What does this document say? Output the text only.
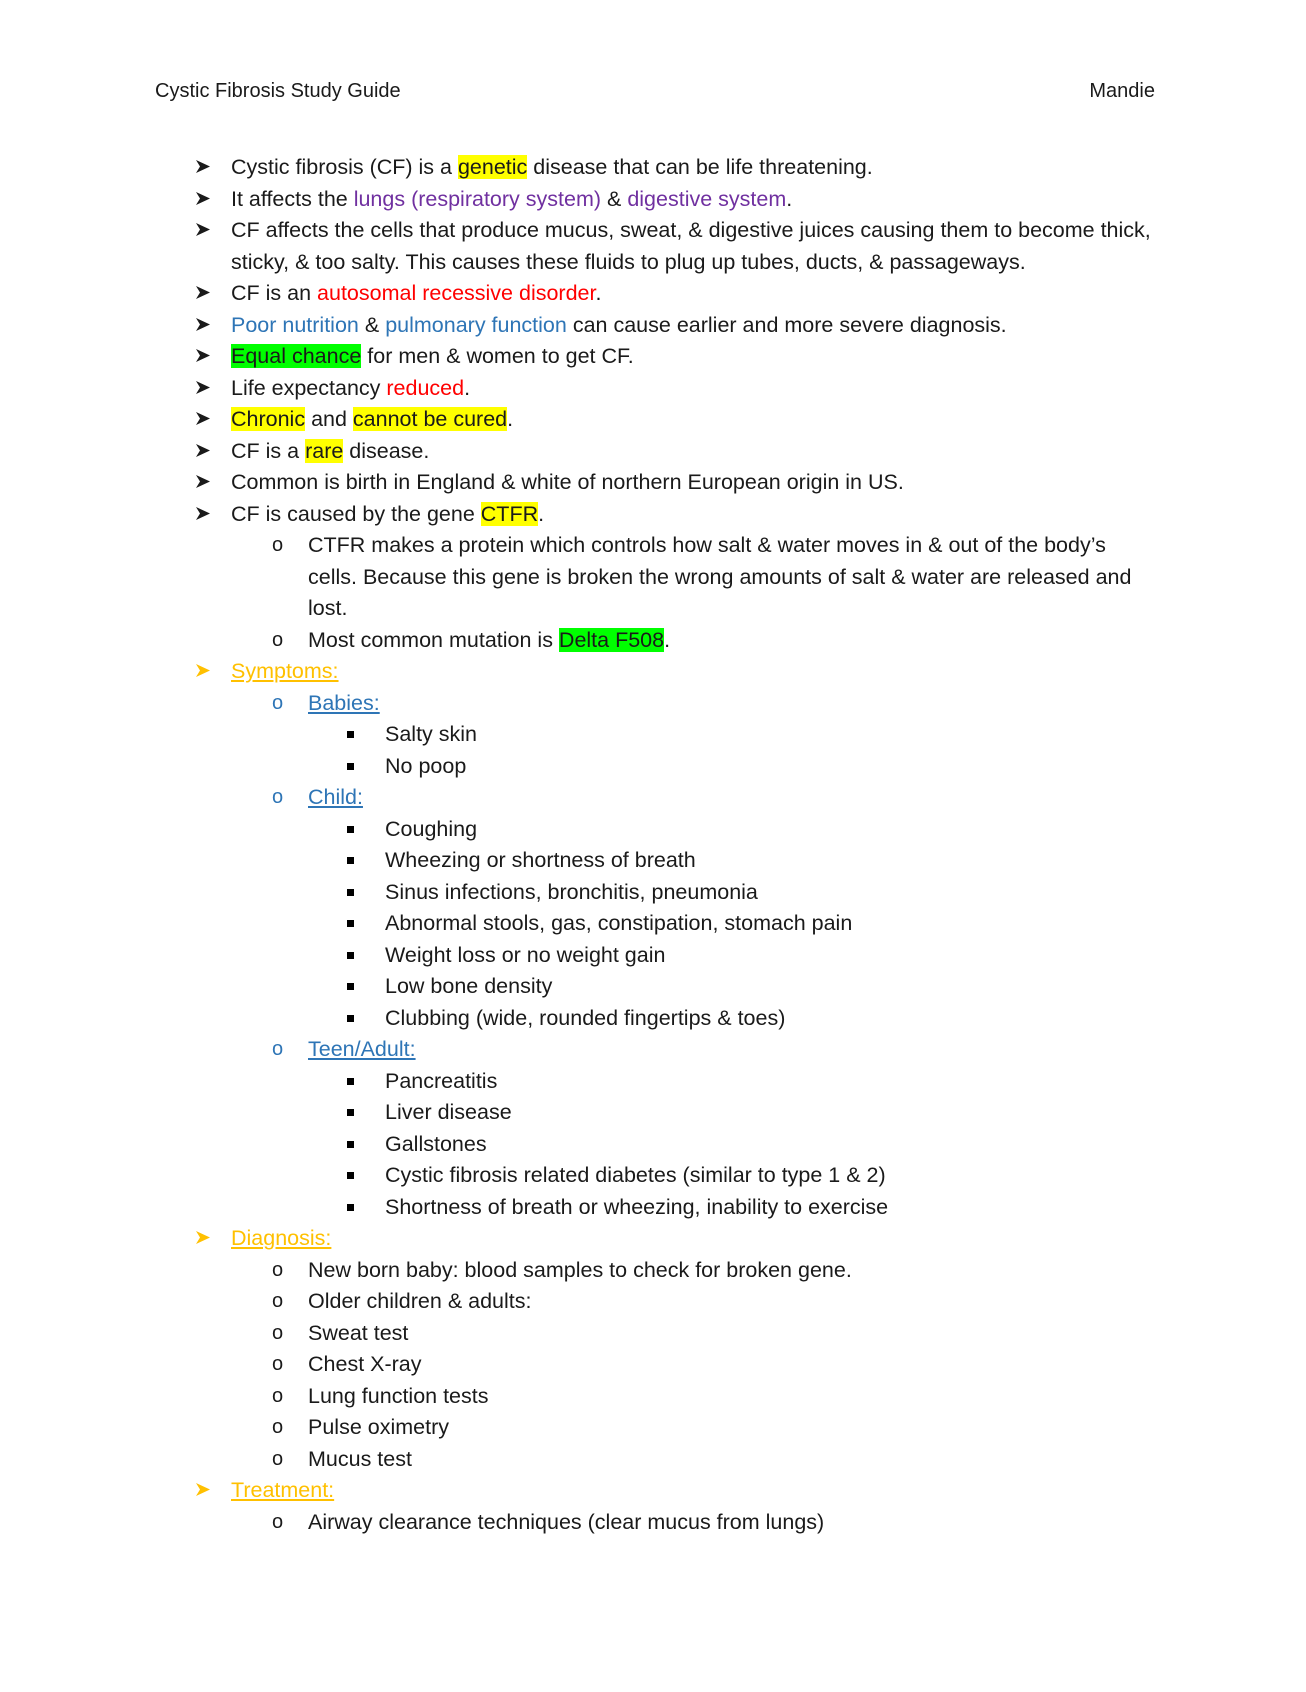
Cystic Fibrosis Study Guide	Mandie
Cystic fibrosis (CF) is a genetic disease that can be life threatening.
It affects the lungs (respiratory system) & digestive system.
CF affects the cells that produce mucus, sweat, & digestive juices causing them to become thick, sticky, & too salty. This causes these fluids to plug up tubes, ducts, & passageways.
CF is an autosomal recessive disorder.
Poor nutrition & pulmonary function can cause earlier and more severe diagnosis.
Equal chance for men & women to get CF.
Life expectancy reduced.
Chronic and cannot be cured.
CF is a rare disease.
Common is birth in England & white of northern European origin in US.
CF is caused by the gene CTFR.
o CTFR makes a protein which controls how salt & water moves in & out of the body’s cells. Because this gene is broken the wrong amounts of salt & water are released and lost.
o Most common mutation is Delta F508.
Symptoms:
o Babies:
Salty skin
No poop
o Child:
Coughing
Wheezing or shortness of breath
Sinus infections, bronchitis, pneumonia
Abnormal stools, gas, constipation, stomach pain
Weight loss or no weight gain
Low bone density
Clubbing (wide, rounded fingertips & toes)
o Teen/Adult:
Pancreatitis
Liver disease
Gallstones
Cystic fibrosis related diabetes (similar to type 1 & 2)
Shortness of breath or wheezing, inability to exercise
Diagnosis:
o New born baby: blood samples to check for broken gene.
o Older children & adults:
o Sweat test
o Chest X-ray
o Lung function tests
o Pulse oximetry
o Mucus test
Treatment:
o Airway clearance techniques (clear mucus from lungs)
